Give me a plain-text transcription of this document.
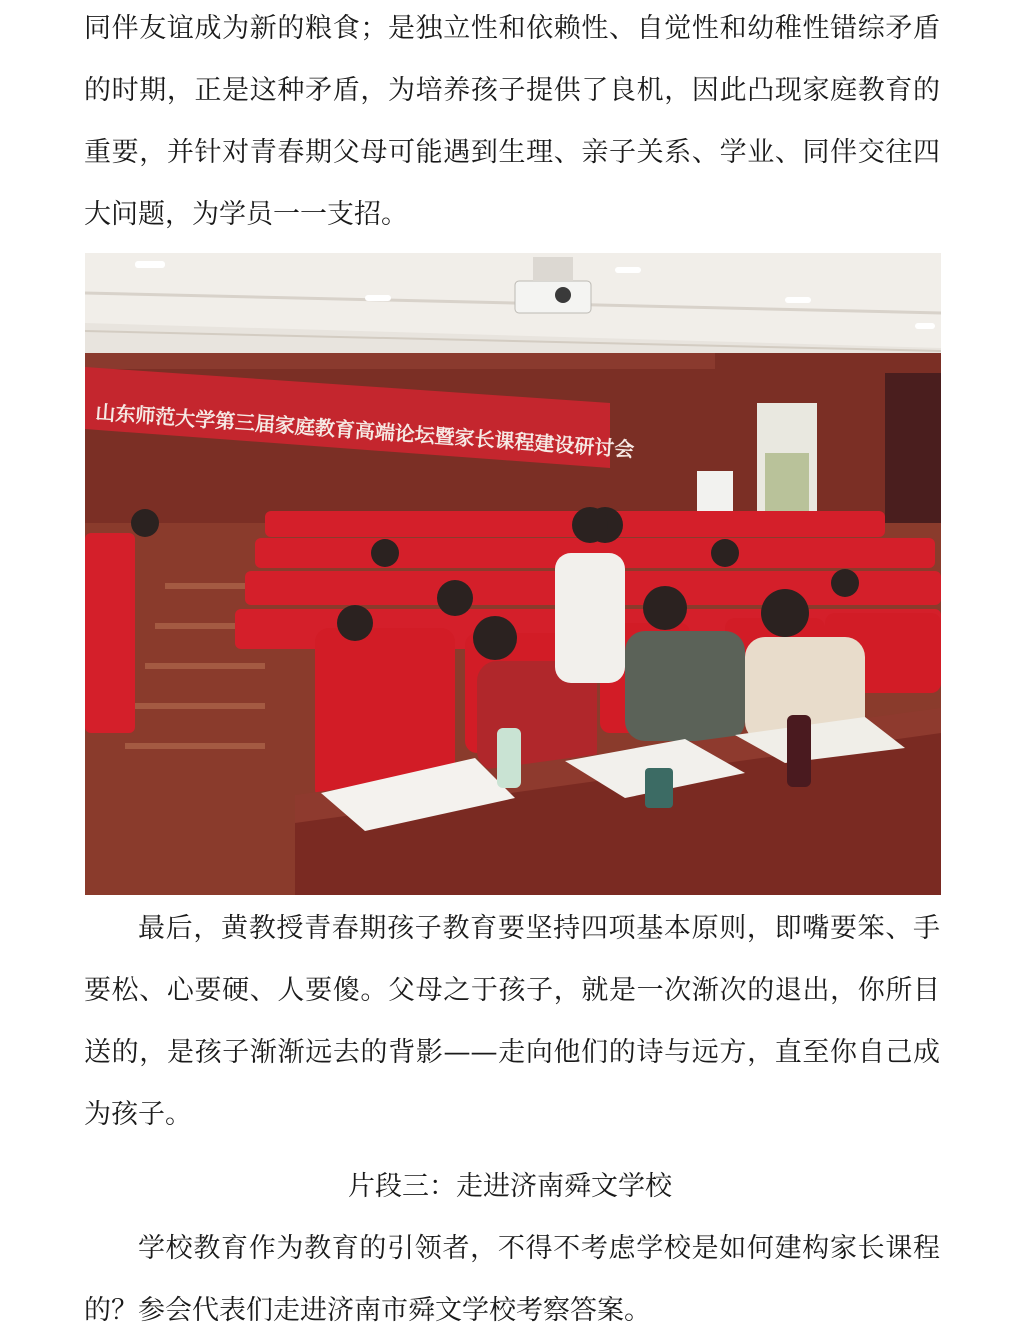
同伴友谊成为新的粮食；是独立性和依赖性、自觉性和幼稚性错综矛盾的时期，正是这种矛盾，为培养孩子提供了良机，因此凸现家庭教育的重要，并针对青春期父母可能遇到生理、亲子关系、学业、同伴交往四大问题，为学员一一支招。

山东师范大学第三届家庭教育高端论坛暨家长课程建设研讨会

最后，黄教授青春期孩子教育要坚持四项基本原则，即嘴要笨、手要松、心要硬、人要傻。父母之于孩子，就是一次渐次的退出，你所目送的，是孩子渐渐远去的背影——走向他们的诗与远方，直至你自己成为孩子。

片段三：走进济南舜文学校

学校教育作为教育的引领者，不得不考虑学校是如何建构家长课程的？参会代表们走进济南市舜文学校考察答案。
